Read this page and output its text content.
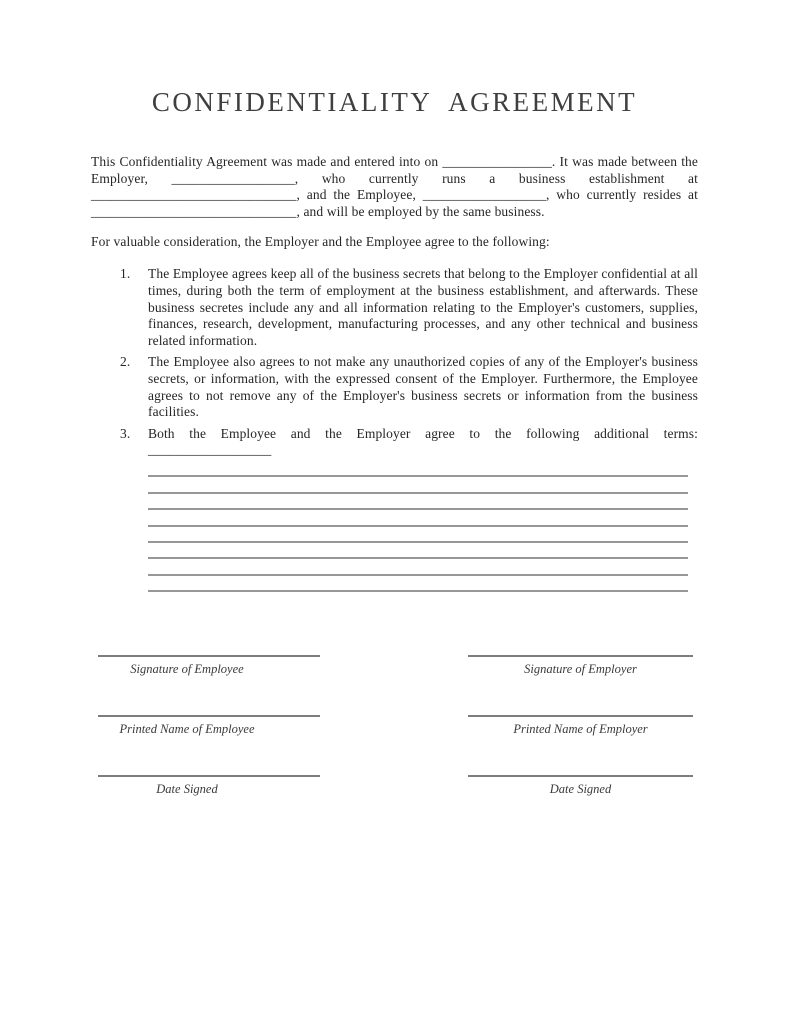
CONFIDENTIALITY AGREEMENT

This Confidentiality Agreement was made and entered into on ________________. It was made between the Employer, __________________, who currently runs a business establishment at ______________________________, and the Employee, __________________, who currently resides at ______________________________, and will be employed by the same business.

For valuable consideration, the Employer and the Employee agree to the following:

1.	The Employee agrees keep all of the business secrets that belong to the Employer confidential at all times, during both the term of employment at the business establishment, and afterwards. These business secretes include any and all information relating to the Employer's customers, supplies, finances, research, development, manufacturing processes, and any other technical and business related information.
2.	The Employee also agrees to not make any unauthorized copies of any of the Employer's business secrets, or information, with the expressed consent of the Employer. Furthermore, the Employee agrees to not remove any of the Employer's business secrets or information from the business facilities.
3.	Both the Employee and the Employer agree to the following additional terms: __________________
Signature of Employee	Signature of Employer
Printed Name of Employee	Printed Name of Employer
Date Signed	Date Signed
